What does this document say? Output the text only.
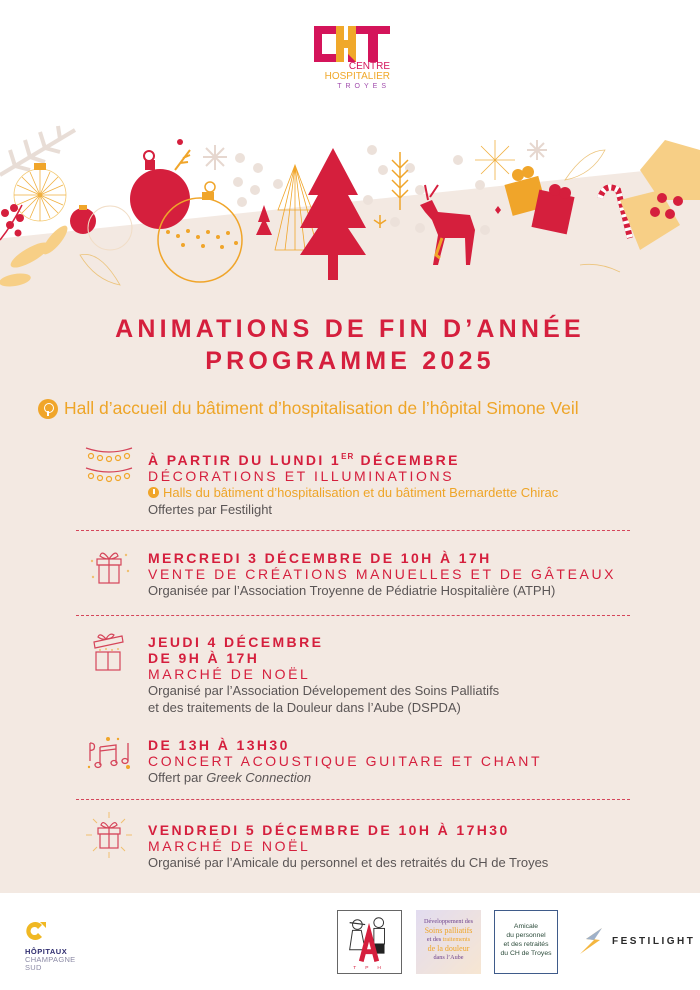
CENTRE
HOSPITALIER
TROYES
ANIMATIONS DE FIN D’ANNÉE
PROGRAMME 2025
Hall d’accueil du bâtiment d’hospitalisation de l’hôpital Simone Veil
À PARTIR DU LUNDI 1ER DÉCEMBRE
DÉCORATIONS ET ILLUMINATIONS
Halls du bâtiment d’hospitalisation et du bâtiment Bernardette Chirac
Offertes par Festilight
MERCREDI 3 DÉCEMBRE DE 10H À 17H
VENTE DE CRÉATIONS MANUELLES ET DE GÂTEAUX
Organisée par l’Association Troyenne de Pédiatrie Hospitalière (ATPH)
JEUDI 4 DÉCEMBRE
DE 9H À 17H
MARCHÉ DE NOËL
Organisé par l’Association Dévelopement des Soins Palliatifs
et des traitements de la Douleur dans l’Aube (DSPDA)
DE 13H À 13H30
CONCERT ACOUSTIQUE GUITARE ET CHANT
Offert par Greek Connection
VENDREDI 5 DÉCEMBRE DE 10H À 17H30
MARCHÉ DE NOËL
Organisé par l’Amicale du personnel et des retraités du CH de Troyes
HÔPITAUX
CHAMPAGNE
SUD	T P H
Développement des
Soins palliatifs
et des traitements
de la douleur
dans l’Aube
Amicale
du personnel
et des retraités
du CH de Troyes
FESTILIGHT
